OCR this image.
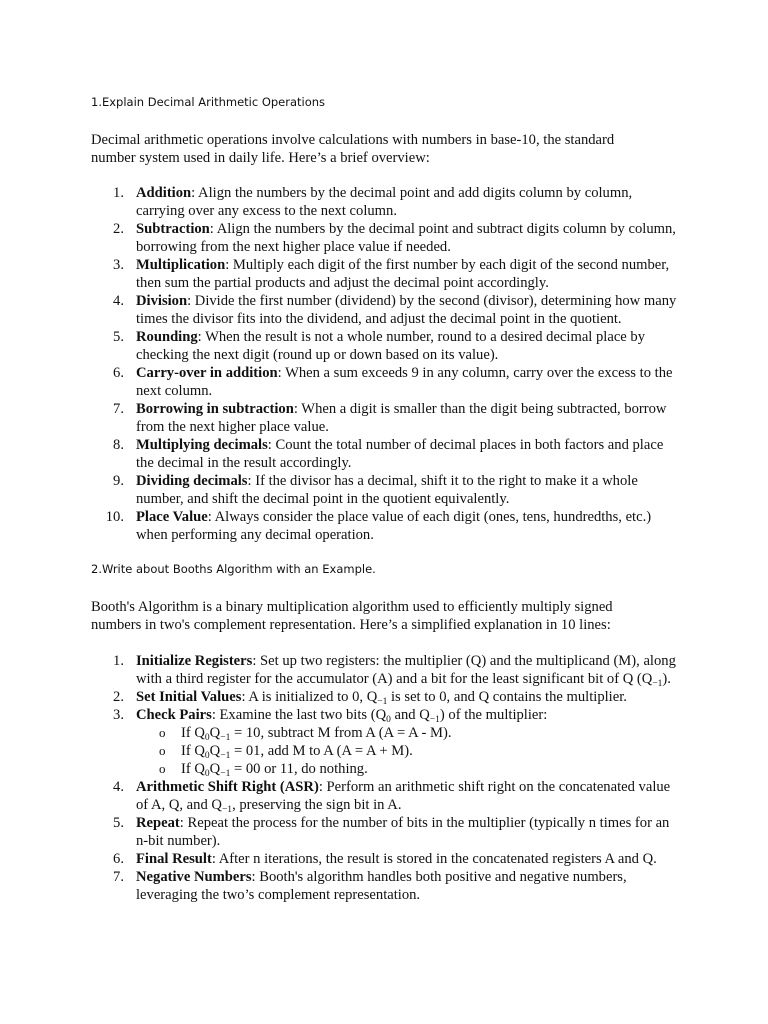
1.Explain Decimal Arithmetic Operations

Decimal arithmetic operations involve calculations with numbers in base-10, the standard number system used in daily life. Here’s a brief overview:

1. Addition: Align the numbers by the decimal point and add digits column by column, carrying over any excess to the next column.
2. Subtraction: Align the numbers by the decimal point and subtract digits column by column, borrowing from the next higher place value if needed.
3. Multiplication: Multiply each digit of the first number by each digit of the second number, then sum the partial products and adjust the decimal point accordingly.
4. Division: Divide the first number (dividend) by the second (divisor), determining how many times the divisor fits into the dividend, and adjust the decimal point in the quotient.
5. Rounding: When the result is not a whole number, round to a desired decimal place by checking the next digit (round up or down based on its value).
6. Carry-over in addition: When a sum exceeds 9 in any column, carry over the excess to the next column.
7. Borrowing in subtraction: When a digit is smaller than the digit being subtracted, borrow from the next higher place value.
8. Multiplying decimals: Count the total number of decimal places in both factors and place the decimal in the result accordingly.
9. Dividing decimals: If the divisor has a decimal, shift it to the right to make it a whole number, and shift the decimal point in the quotient equivalently.
10. Place Value: Always consider the place value of each digit (ones, tens, hundredths, etc.) when performing any decimal operation.

2.Write about Booths Algorithm with an Example.

Booth's Algorithm is a binary multiplication algorithm used to efficiently multiply signed numbers in two's complement representation. Here’s a simplified explanation in 10 lines:

1. Initialize Registers: Set up two registers: the multiplier (Q) and the multiplicand (M), along with a third register for the accumulator (A) and a bit for the least significant bit of Q $(Q_{-1})$.
2. Set Initial Values: A is initialized to 0, $Q_{-1}$ is set to 0, and Q contains the multiplier.
3. Check Pairs: Examine the last two bits ($Q_0$ and $Q_{-1}$) of the multiplier:
o If $Q_0Q_{-1} = 10$, subtract M from A (A = A - M).
o If $Q_0Q_{-1} = 01$, add M to A (A = A + M).
o If $Q_0Q_{-1} = 00$ or 11, do nothing.
4. Arithmetic Shift Right (ASR): Perform an arithmetic shift right on the concatenated value of A, Q, and $Q_{-1}$, preserving the sign bit in A.
5. Repeat: Repeat the process for the number of bits in the multiplier (typically n times for an n-bit number).
6. Final Result: After n iterations, the result is stored in the concatenated registers A and Q.
7. Negative Numbers: Booth's algorithm handles both positive and negative numbers, leveraging the two’s complement representation.
